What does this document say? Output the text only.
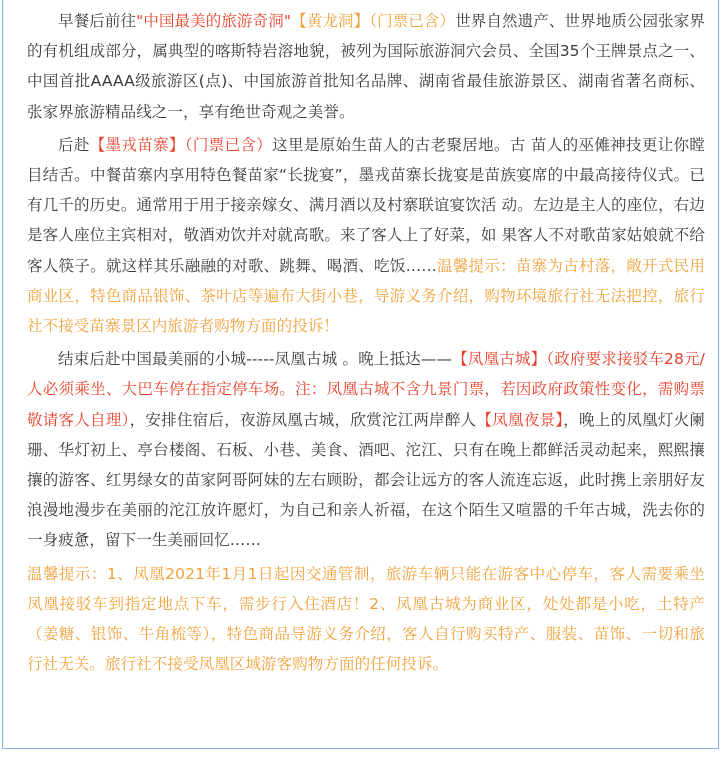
早餐后前往"中国最美的旅游奇洞"【黄龙洞】（门票已含）世界自然遗产、世界地质公园张家界的有机组成部分，属典型的喀斯特岩溶地貌，被列为国际旅游洞穴会员、全国35个王牌景点之一、中国首批AAAA级旅游区(点)、中国旅游首批知名品牌、湖南省最佳旅游景区、湖南省著名商标、张家界旅游精品线之一，享有绝世奇观之美誉。

后赴【墨戎苗寨】（门票已含）这里是原始生苗人的古老聚居地。古 苗人的巫傩神技更让你瞠目结舌。中餐苗寨内享用特色餐苗家“长拢宴”，墨戎苗寨长拢宴是苗族宴席的中最高接待仪式。已有几千的历史。通常用于用于接亲嫁女、满月酒以及村寨联谊宴饮活 动。左边是主人的座位，右边是客人座位主宾相对，敬酒劝饮并对就高歌。来了客人上了好菜，如 果客人不对歌苗家姑娘就不给客人筷子。就这样其乐融融的对歌、跳舞、喝酒、吃饭……温馨提示：苗寨为古村落，敞开式民用商业区，特色商品银饰、茶叶店等遍布大街小巷，导游义务介绍，购物环境旅行社无法把控，旅行社不接受苗寨景区内旅游者购物方面的投诉！

结束后赴中国最美丽的小城-----凤凰古城 。晚上抵达——【凤凰古城】（政府要求接驳车28元/人必须乘坐、大巴车停在指定停车场。注：凤凰古城不含九景门票，若因政府政策性变化，需购票敬请客人自理），安排住宿后，夜游凤凰古城，欣赏沱江两岸醉人【凤凰夜景】，晚上的凤凰灯火阑珊、华灯初上、亭台楼阁、石板、小巷、美食、酒吧、沱江、只有在晚上都鲜活灵动起来，熙熙攘攘的游客、红男绿女的苗家阿哥阿妹的左右顾盼，都会让远方的客人流连忘返，此时携上亲朋好友浪漫地漫步在美丽的沱江放许愿灯，为自己和亲人祈福，在这个陌生又喧嚣的千年古城，洗去你的一身疲惫，留下一生美丽回忆……

温馨提示：1、凤凰2021年1月1日起因交通管制，旅游车辆只能在游客中心停车，客人需要乘坐凤凰接驳车到指定地点下车，需步行入住酒店！2、凤凰古城为商业区，处处都是小吃，土特产（姜糖、银饰、牛角梳等），特色商品导游义务介绍，客人自行购买特产、服装、苗饰、一切和旅行社无关。旅行社不接受凤凰区域游客购物方面的任何投诉。
